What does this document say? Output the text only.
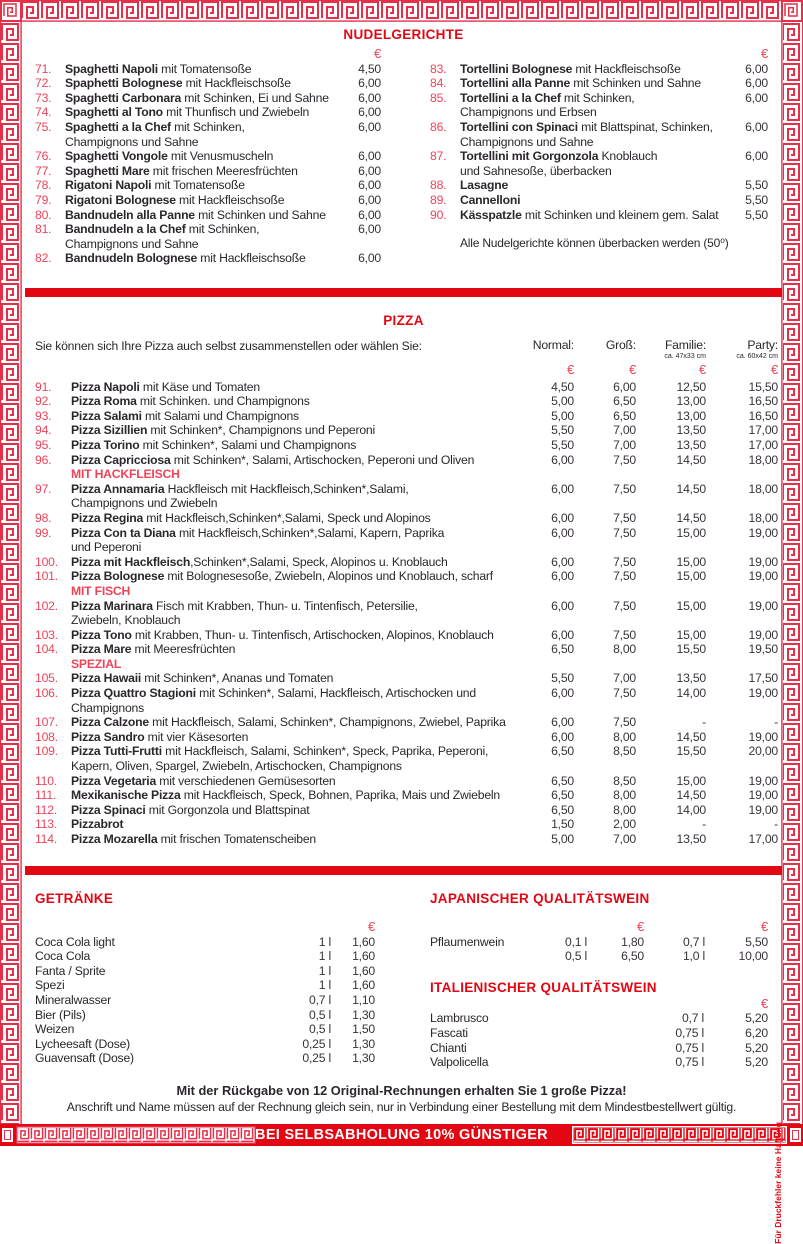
NUDELGERICHTE
€
71.	Spaghetti Napoli mit Tomatensoße	4,50
72.	Spaphetti Bolognese mit Hackfleischsoße	6,00
73.	Spaghetti Carbonara mit Schinken, Ei und Sahne	6,00
74.	Spaghetti al Tono mit Thunfisch und Zwiebeln	6,00
75.	Spaghetti a la Chef mit Schinken,
Champignons und Sahne
6,00
76.	Spaghetti Vongole mit Venusmuscheln	6,00
77.	Spaghetti Mare mit frischen Meeresfrüchten	6,00
78.	Rigatoni Napoli mit Tomatensoße	6,00
79.	Rigatoni Bolognese mit Hackfleischsoße	6,00
80.	Bandnudeln alla Panne mit Schinken und Sahne	6,00
81.	Bandnudeln a la Chef mit Schinken,
Champignons und Sahne
6,00
82.	Bandnudeln Bolognese mit Hackfleischsoße	6,00
€
83.	Tortellini Bolognese mit Hackfleischsoße	6,00
84.	Tortellini alla Panne mit Schinken und Sahne	6,00
85.	Tortellini a la Chef mit Schinken,
Champignons und Erbsen
6,00
86.	Tortellini con Spinaci mit Blattspinat, Schinken,
Champignons und Sahne
6,00
87.	Tortellini mit Gorgonzola Knoblauch
und Sahnesoße, überbacken
6,00
88.	Lasagne	5,50
89.	Cannelloni	5,50
90.	Kässpatzle mit Schinken und kleinem gem. Salat	5,50
Alle Nudelgerichte können überbacken werden (50⁰)
PIZZA
Sie können sich Ihre Pizza auch selbst zusammenstellen oder wählen Sie:	Normal:	Groß:	Familie:
ca. 47x33 cm
Party:
ca. 60x42 cm
€	€	€	€
91.	Pizza Napoli mit Käse und Tomaten	4,50	6,00	12,50	15,50
92.	Pizza Roma mit Schinken. und Champignons	5,00	6,50	13,00	16,50
93.	Pizza Salami mit Salami und Champignons	5,00	6,50	13,00	16,50
94.	Pizza Sizillien mit Schinken*, Champignons und Peperoni	5,50	7,00	13,50	17,00
95.	Pizza Torino mit Schinken*, Salami und Champignons	5,50	7,00	13,50	17,00
96.	Pizza Capricciosa mit Schinken*, Salami, Artischocken, Peperoni und Oliven	6,00	7,50	14,50	18,00
MIT HACKFLEISCH
97.	Pizza Annamaria Hackfleisch mit Hackfleisch,Schinken*,Salami,
Champignons und Zwiebeln
6,00	7,50	14,50	18,00
98.	Pizza Regina mit Hackfleisch,Schinken*,Salami, Speck und Alopinos	6,00	7,50	14,50	18,00
99.	Pizza Con ta Diana mit Hackfleisch,Schinken*,Salami, Kapern, Paprika
und Peperoni
6,00	7,50	15,00	19,00
100.	Pizza mit Hackfleisch,Schinken*,Salami, Speck, Alopinos u. Knoblauch	6,00	7,50	15,00	19,00
101.	Pizza Bolognese mit Bolognesesoße, Zwiebeln, Alopinos und Knoblauch, scharf	6,00	7,50	15,00	19,00
MIT FISCH
102.	Pizza Marinara Fisch mit Krabben, Thun- u. Tintenfisch, Petersilie,
Zwiebeln, Knoblauch
6,00	7,50	15,00	19,00
103.	Pizza Tono mit Krabben, Thun- u. Tintenfisch, Artischocken, Alopinos, Knoblauch	6,00	7,50	15,00	19,00
104.	Pizza Mare mit Meeresfrüchten	6,50	8,00	15,50	19,50
SPEZIAL
105.	Pizza Hawaii mit Schinken*, Ananas und Tomaten	5,50	7,00	13,50	17,50
106.	Pizza Quattro Stagioni mit Schinken*, Salami, Hackfleisch, Artischocken und
Champignons
6,00	7,50	14,00	19,00
107.	Pizza Calzone mit Hackfleisch, Salami, Schinken*, Champignons, Zwiebel, Paprika	6,00	7,50	-	-
108.	Pizza Sandro mit vier Käsesorten	6,00	8,00	14,50	19,00
109.	Pizza Tutti-Frutti mit Hackfleisch, Salami, Schinken*, Speck, Paprika, Peperoni,
Kapern, Oliven, Spargel, Zwiebeln, Artischocken, Champignons
6,50	8,50	15,50	20,00
110.	Pizza Vegetaria mit verschiedenen Gemüsesorten	6,50	8,50	15,00	19,00
111.	Mexikanische Pizza mit Hackfleisch, Speck, Bohnen, Paprika, Mais und Zwiebeln	6,50	8,00	14,50	19,00
112.	Pizza Spinaci mit Gorgonzola und Blattspinat	6,50	8,00	14,00	19,00
113.	Pizzabrot	1,50	2,00	-	-
114.	Pizza Mozarella mit frischen Tomatenscheiben	5,00	7,00	13,50	17,00
GETRÄNKE
€
Coca Cola light	1 l	1,60
Coca Cola	1 l	1,60
Fanta / Sprite	1 l	1,60
Spezi	1 l	1,60
Mineralwasser	0,7 l	1,10
Bier (Pils)	0,5 l	1,30
Weizen	0,5 l	1,50
Lycheesaft (Dose)	0,25 l	1,30
Guavensaft (Dose)	0,25 l	1,30
JAPANISCHER QUALITÄTSWEIN
€	€
Pflaumenwein	0,1 l	1,80	0,7 l	5,50
0,5 l	6,50	1,0 l	10,00
ITALIENISCHER QUALITÄTSWEIN
€
Lambrusco	0,7 l	5,20
Fascati	0,75 l	6,20
Chianti	0,75 l	5,20
Valpolicella	0,75 l	5,20
Mit der Rückgabe von 12 Original-Rechnungen erhalten Sie 1 große Pizza!
Anschrift und Name müssen auf der Rechnung gleich sein, nur in Verbindung einer Bestellung mit dem Mindestbestellwert gültig.
BEI SELBSABHOLUNG 10% GÜNSTIGER	Für Druckfehler keine Haftung
